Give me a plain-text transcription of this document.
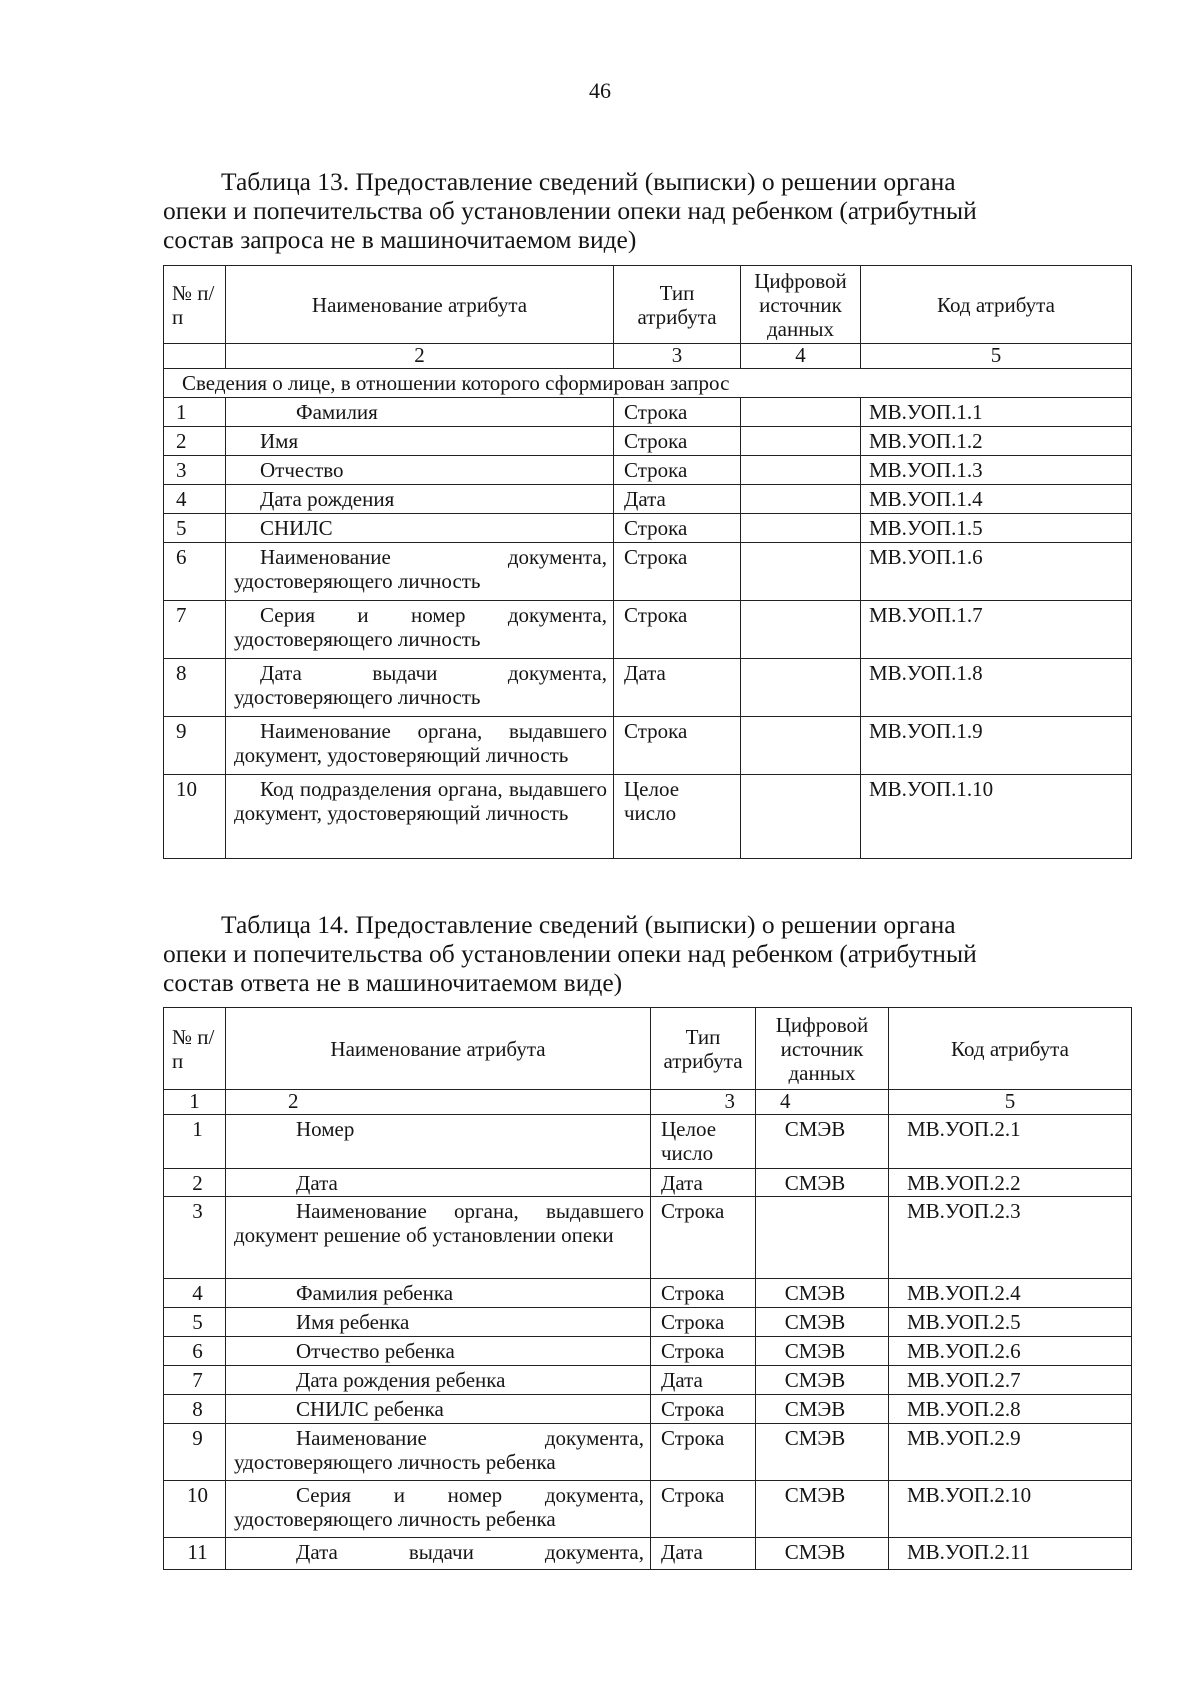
46
Таблица 13. Предоставление сведений (выписки) о решении органа
опеки и попечительства об установлении опеки над ребенком (атрибутный
состав запроса не в машиночитаемом виде)
№ п/п	Наименование атрибута	Тип атрибута	Цифровой источник данных	Код атрибута
	2	3	4	5
Сведения о лице, в отношении которого сформирован запрос				
1	Фамилия	Строка		МВ.УОП.1.1
2	Имя	Строка		МВ.УОП.1.2
3	Отчество	Строка		МВ.УОП.1.3
4	Дата рождения	Дата		МВ.УОП.1.4
5	СНИЛС	Строка		МВ.УОП.1.5
6	Наименование документа, удостоверяющего личность	Строка		МВ.УОП.1.6
7	Серия и номер документа, удостоверяющего личность	Строка		МВ.УОП.1.7
8	Дата выдачи документа, удостоверяющего личность	Дата		МВ.УОП.1.8
9	Наименование органа, выдавшего документ, удостоверяющий личность	Строка		МВ.УОП.1.9
10	Код подразделения органа, выдавшего документ, удостоверяющий личность	Целое число		МВ.УОП.1.10
Таблица 14. Предоставление сведений (выписки) о решении органа
опеки и попечительства об установлении опеки над ребенком (атрибутный
состав ответа не в машиночитаемом виде)
№ п/п	Наименование атрибута	Тип атрибута	Цифровой источник данных	Код атрибута
1	2	3	4	5
1	Номер	Целое число	СМЭВ	МВ.УОП.2.1
2	Дата	Дата	СМЭВ	МВ.УОП.2.2
3	Наименование органа, выдавшего документ решение об установлении опеки	Строка		МВ.УОП.2.3
4	Фамилия ребенка	Строка	СМЭВ	МВ.УОП.2.4
5	Имя ребенка	Строка	СМЭВ	МВ.УОП.2.5
6	Отчество ребенка	Строка	СМЭВ	МВ.УОП.2.6
7	Дата рождения ребенка	Дата	СМЭВ	МВ.УОП.2.7
8	СНИЛС ребенка	Строка	СМЭВ	МВ.УОП.2.8
9	Наименование документа, удостоверяющего личность ребенка	Строка	СМЭВ	МВ.УОП.2.9
10	Серия и номер документа, удостоверяющего личность ребенка	Строка	СМЭВ	МВ.УОП.2.10
11	Дата выдачи документа,	Дата	СМЭВ	МВ.УОП.2.11
